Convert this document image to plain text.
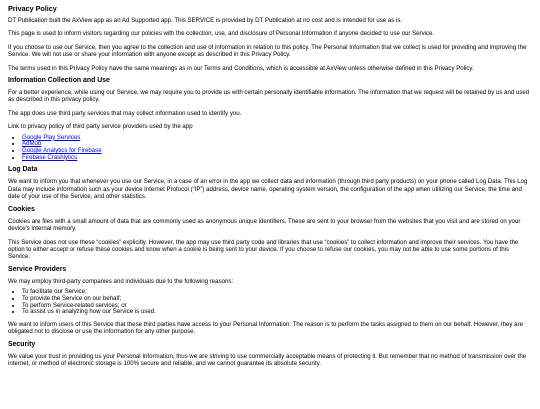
Privacy Policy

DT Publication built the AxView app as an Ad Supported app. This SERVICE is provided by DT Publication at no cost and is intended for use as is.

This page is used to inform visitors regarding our policies with the collection, use, and disclosure of Personal Information if anyone decided to use our Service.

If you choose to use our Service, then you agree to the collection and use of information in relation to this policy. The Personal Information that we collect is used for providing and improving the Service. We will not use or share your information with anyone except as described in this Privacy Policy.

The terms used in this Privacy Policy have the same meanings as in our Terms and Conditions, which is accessible at AxView unless otherwise defined in this Privacy Policy.

Information Collection and Use

For a better experience, while using our Service, we may require you to provide us with certain personally identifiable information. The information that we request will be retained by us and used as described in this privacy policy.

The app does use third party services that may collect information used to identify you.

Link to privacy policy of third party service providers used by the app

• Google Play Services
• AdMob
• Google Analytics for Firebase
• Firebase Crashlytics
Log Data

We want to inform you that whenever you use our Service, in a case of an error in the app we collect data and information (through third party products) on your phone called Log Data. This Log Data may include information such as your device Internet Protocol (“IP”) address, device name, operating system version, the configuration of the app when utilizing our Service, the time and date of your use of the Service, and other statistics.

Cookies

Cookies are files with a small amount of data that are commonly used as anonymous unique identifiers. These are sent to your browser from the websites that you visit and are stored on your device's internal memory.

This Service does not use these “cookies” explicitly. However, the app may use third party code and libraries that use “cookies” to collect information and improve their services. You have the option to either accept or refuse these cookies and know when a cookie is being sent to your device. If you choose to refuse our cookies, you may not be able to use some portions of this Service.

Service Providers

We may employ third-party companies and individuals due to the following reasons:

• To facilitate our Service;
• To provide the Service on our behalf;
• To perform Service-related services; or
• To assist us in analyzing how our Service is used.

We want to inform users of this Service that these third parties have access to your Personal Information. The reason is to perform the tasks assigned to them on our behalf. However, they are obligated not to disclose or use the information for any other purpose.

Security

We value your trust in providing us your Personal Information, thus we are striving to use commercially acceptable means of protecting it. But remember that no method of transmission over the internet, or method of electronic storage is 100% secure and reliable, and we cannot guarantee its absolute security.
